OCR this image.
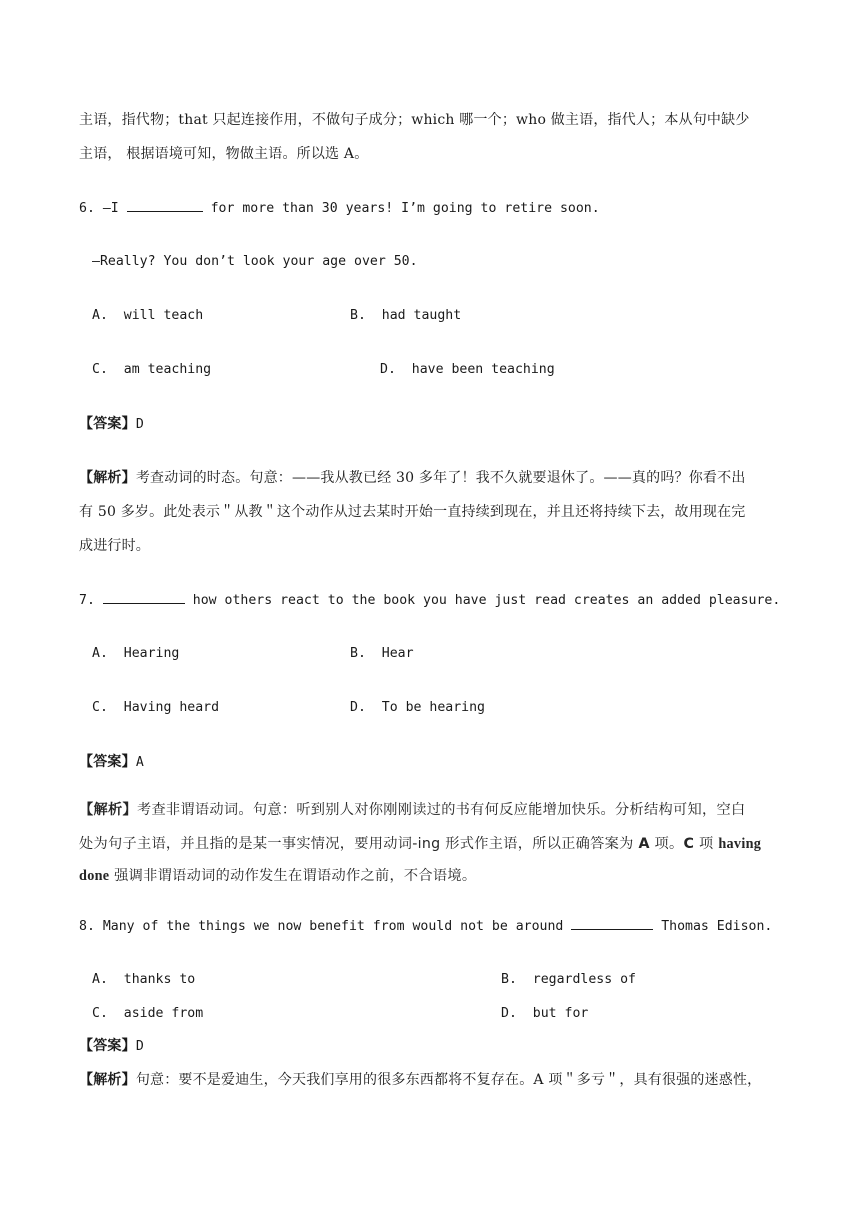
主语，指代物；that 只起连接作用，不做句子成分；which 哪一个；who 做主语，指代人；本从句中缺少
主语， 根据语境可知，物做主语。所以选 A。
6. —I	for more than 30 years! I’m going to retire soon.
—Really? You don’t look your age over 50.
A.  will teach	B.  had taught
C.  am teaching	D.  have been teaching
【答案】D
【解析】考查动词的时态。句意：——我从教已经 30 多年了！我不久就要退休了。——真的吗？你看不出
有 50 多岁。此处表示＂从教＂这个动作从过去某时开始一直持续到现在，并且还将持续下去，故用现在完
成进行时。
7.	how others react to the book you have just read creates an added pleasure.
A.  Hearing	B.  Hear
C.  Having heard	D.  To be hearing
【答案】A
【解析】考查非谓语动词。句意：听到别人对你刚刚读过的书有何反应能增加快乐。分析结构可知，空白
处为句子主语，并且指的是某一事实情况，要用动词-ing 形式作主语，所以正确答案为 A 项。C 项 having
done 强调非谓语动词的动作发生在谓语动作之前，不合语境。
8. Many of the things we now benefit from would not be around	Thomas Edison.
A.  thanks to	B.  regardless of
C.  aside from	D.  but for
【答案】D
【解析】句意：要不是爱迪生，今天我们享用的很多东西都将不复存在。A 项＂多亏＂，具有很强的迷惑性，
